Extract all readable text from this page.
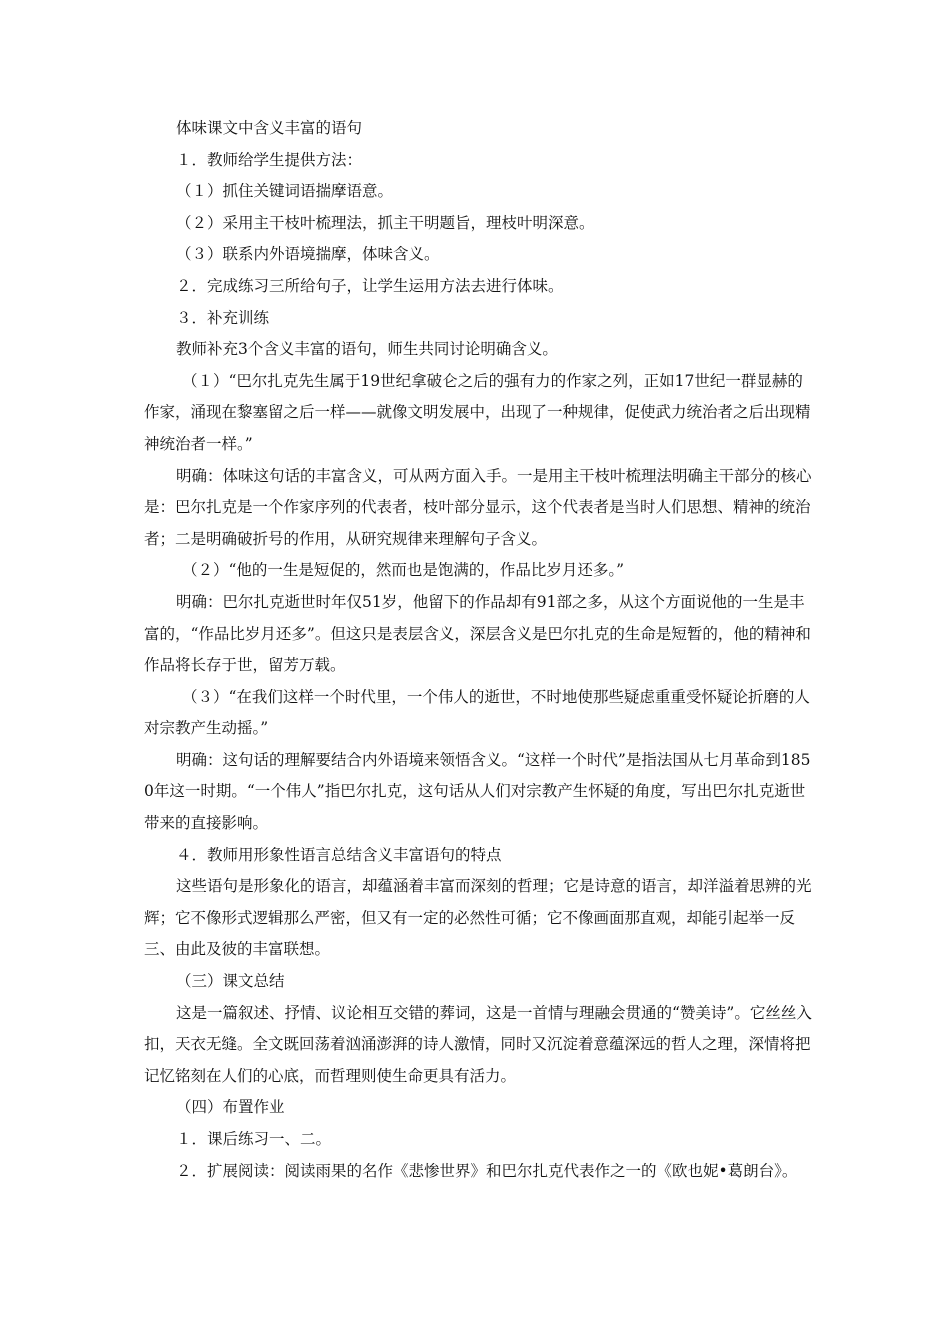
体味课文中含义丰富的语句

１．教师给学生提供方法：

（１）抓住关键词语揣摩语意。

（２）采用主干枝叶梳理法，抓主干明题旨，理枝叶明深意。

（３）联系内外语境揣摩，体味含义。

２．完成练习三所给句子，让学生运用方法去进行体味。

３．补充训练

教师补充3个含义丰富的语句，师生共同讨论明确含义。

（１）“巴尔扎克先生属于19世纪拿破仑之后的强有力的作家之列，正如17世纪一群显赫的作家，涌现在黎塞留之后一样——就像文明发展中，出现了一种规律，促使武力统治者之后出现精神统治者一样。”

明确：体味这句话的丰富含义，可从两方面入手。一是用主干枝叶梳理法明确主干部分的核心是：巴尔扎克是一个作家序列的代表者，枝叶部分显示，这个代表者是当时人们思想、精神的统治者；二是明确破折号的作用，从研究规律来理解句子含义。

（２）“他的一生是短促的，然而也是饱满的，作品比岁月还多。”

明确：巴尔扎克逝世时年仅51岁，他留下的作品却有91部之多，从这个方面说他的一生是丰富的，“作品比岁月还多”。但这只是表层含义，深层含义是巴尔扎克的生命是短暂的，他的精神和作品将长存于世，留芳万载。

（３）“在我们这样一个时代里，一个伟人的逝世，不时地使那些疑虑重重受怀疑论折磨的人对宗教产生动摇。”

明确：这句话的理解要结合内外语境来领悟含义。“这样一个时代”是指法国从七月革命到1850年这一时期。“一个伟人”指巴尔扎克，这句话从人们对宗教产生怀疑的角度，写出巴尔扎克逝世带来的直接影响。

４．教师用形象性语言总结含义丰富语句的特点

这些语句是形象化的语言，却蕴涵着丰富而深刻的哲理；它是诗意的语言，却洋溢着思辨的光辉；它不像形式逻辑那么严密，但又有一定的必然性可循；它不像画面那直观，却能引起举一反三、由此及彼的丰富联想。

（三）课文总结

这是一篇叙述、抒情、议论相互交错的葬词，这是一首情与理融会贯通的“赞美诗”。它丝丝入扣，天衣无缝。全文既回荡着汹涌澎湃的诗人激情，同时又沉淀着意蕴深远的哲人之理，深情将把记忆铭刻在人们的心底，而哲理则使生命更具有活力。

（四）布置作业

１．课后练习一、二。

２．扩展阅读：阅读雨果的名作《悲惨世界》和巴尔扎克代表作之一的《欧也妮•葛朗台》。
